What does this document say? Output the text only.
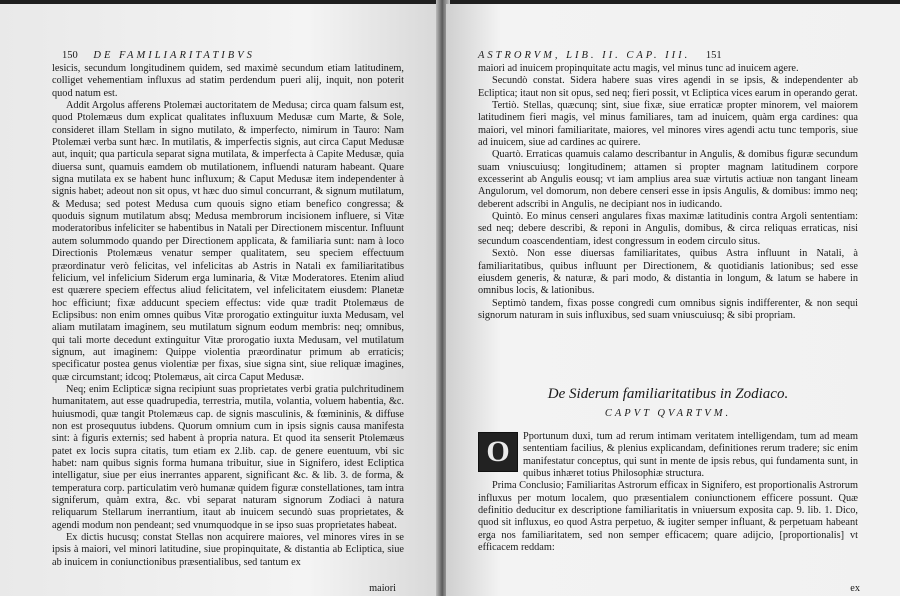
150 DE FAMILIARITATIBVS

lesicis, secundum longitudinem quidem, sed maximè secundum etiam latitudinem, colliget vehementiam influxus ad statim perdendum pueri alij, inquit, non poterit quod natum est.

Addit Argolus afferens Ptolemæi auctoritatem de Medusa; circa quam falsum est, quod Ptolemæus dum explicat qualitates influxuum Medusæ cum Marte, & Sole, consideret illam Stellam in signo mutilato, & imperfecto, nimirum in Tauro: Nam Ptolemæi verba sunt hæc. In mutilatis, & imperfectis signis, aut circa Caput Medusæ aut, inquit; qua particula separat signa mutilata, & imperfecta à Capite Medusæ, quia diuersa sunt, quamuis eamdem ob mutilationem, influendi naturam habeant. Quare signa mutilata ex se habent hunc influxum; & Caput Medusæ item independenter à signis habet; adeout non sit opus, vt hæc duo simul concurrant, & signum mutilatum, & Medusa; sed potest Medusa cum quouis signo etiam benefico congressa; & quoduis signum mutilatum absq; Medusa membrorum incisionem influere, si Vitæ moderatoribus infeliciter se habentibus in Natali per Directionem miscentur. Influunt autem solummodo quando per Directionem applicata, & familiaria sunt: nam à loco Directionis Ptolemæus venatur semper qualitatem, seu speciem effectuum præordinatur verò felicitas, vel infelicitas ab Astris in Natali ex familiaritatibus felicium, vel infelicium Siderum erga luminaria, & Vitæ Moderatores. Etenim aliud est quærere speciem effectus aliud felicitatem, vel infelicitatem eiusdem: Planetæ hoc efficiunt; fixæ adducunt speciem effectus: vide quæ tradit Ptolemæus de Eclipsibus: non enim omnes quibus Vitæ prorogatio extinguitur iuxta Medusam, vel aliam mutilatam imaginem, seu mutilatum signum eodum membris: neq; omnibus, qui tali morte decedunt extinguitur Vitæ prorogatio iuxta Medusam, vel mutilatum signum, aut imaginem: Quippe violentia præordinatur primum ab erraticis; specificatur postea genus violentiæ per fixas, siue signa sint, siue reliquæ imagines, quæ circumstant; idcoq; Ptolemæus, ait circa Caput Medusæ.

Neq; enim Eclipticæ signa recipiunt suas proprietates verbi gratia pulchritudinem humanitatem, aut esse quadrupedia, terrestria, mutila, volantia, voluem habentia, &c. huiusmodi, quæ tangit Ptolemæus cap. de signis masculinis, & fœmininis, & diffuse non est prosequutus iubdens. Quorum omnium cum in ipsis signis causa manifesta sint: à figuris externis; sed habent à propria natura. Et quod ita senserit Ptolemæus patet ex locis supra citatis, tum etiam ex 2.lib. cap. de genere euentuum, vbi sic habet: nam quibus signis forma humana tribuitur, siue in Signifero, idest Ecliptica intelligatur, siue per eius inerrantes apparent, significant &c. & lib. 3. de forma, & temperatura corp. particulatim verò humanæ quidem figuræ constellationes, tam intra signiferum, quàm extra, &c. vbi separat naturam signorum Zodiaci à natura reliquarum Stellarum inerrantium, itaut ab inuicem secundò suas proprietates, & agendi modum non pendeant; sed vnumquodque in se ipso suas proprietates habeat.

Ex dictis hucusq; constat Stellas non acquirere maiores, vel minores vires in se ipsis à maiori, vel minori latitudine, siue propinquitate, & distantia ab Ecliptica, siue ab inuicem in coniunctionibus præsentialibus, sed tantum ex

maiori
ASTRORVM, LIB. II. CAP. III. 151

maiori ad inuicem propinquitate actu magis, vel minus tunc ad inuicem agere.

Secundò constat. Sidera habere suas vires agendi in se ipsis, & independenter ab Ecliptica; itaut non sit opus, sed neq; fieri possit, vt Ecliptica vices earum in operando gerat.

Tertiò. Stellas, quæcunq; sint, siue fixæ, siue erraticæ propter minorem, vel maiorem latitudinem fieri magis, vel minus familiares, tam ad inuicem, quàm erga cardines: qua maiori, vel minori familiaritate, maiores, vel minores vires agendi actu tunc temporis, siue ad inuicem, siue ad cardines ac quirere.

Quartò. Erraticas quamuis calamo describantur in Angulis, & domibus figuræ secundum suam vniuscuiusq; longitudinem; attamen si propter magnam latitudinem corpore excesserint ab Angulis eousq; vt iam amplius area suæ virtutis actiuæ non tangant lineam Angulorum, vel domorum, non debere censeri esse in ipsis Angulis, & domibus: immo neq; deberent adscribi in Angulis, ne decipiant nos in iudicando.

Quintò. Eo minus censeri angulares fixas maximæ latitudinis contra Argoli sententiam: sed neq; debere describi, & reponi in Angulis, domibus, & circa reliquas erraticas, nisi secundum coascendentiam, idest congressum in eodem circulo situs.

Sextò. Non esse diuersas familiaritates, quibus Astra influunt in Natali, à familiaritatibus, quibus influunt per Directionem, & quotidianis lationibus; sed esse eiusdem generis, & naturæ, & pari modo, & distantia in longum, & latum se habere in omnibus locis, & lationibus.

Septimò tandem, fixas posse congredi cum omnibus signis indifferenter, & non sequi signorum naturam in suis influxibus, sed suam vniuscuiusq; & sibi propriam.

De Siderum familiaritatibus in Zodiaco.
CAPVT QVARTVM.
O	Pportunum duxi, tum ad rerum intimam veritatem intelligendam, tum ad meam sententiam facilius, & plenius explicandam, definitiones rerum tradere; sic enim manifestatur conceptus, qui sunt in mente de ipsis rebus, qui fundamenta sunt, in quibus inhæret totius Philosophiæ structura.

Prima Conclusio; Familiaritas Astrorum efficax in Signifero, est proportionalis Astrorum influxus per motum localem, quo præsentialem coniunctionem efficere possunt. Quæ definitio deducitur ex descriptione familiaritatis in vniuersum exposita cap. 9. lib. 1. Dico, quod sit influxus, eo quod Astra perpetuo, & iugiter semper influant, & perpetuam habeant erga nos familiaritatem, sed non semper efficacem; quare adijcio, [proportionalis] vt efficacem reddam:

ex
